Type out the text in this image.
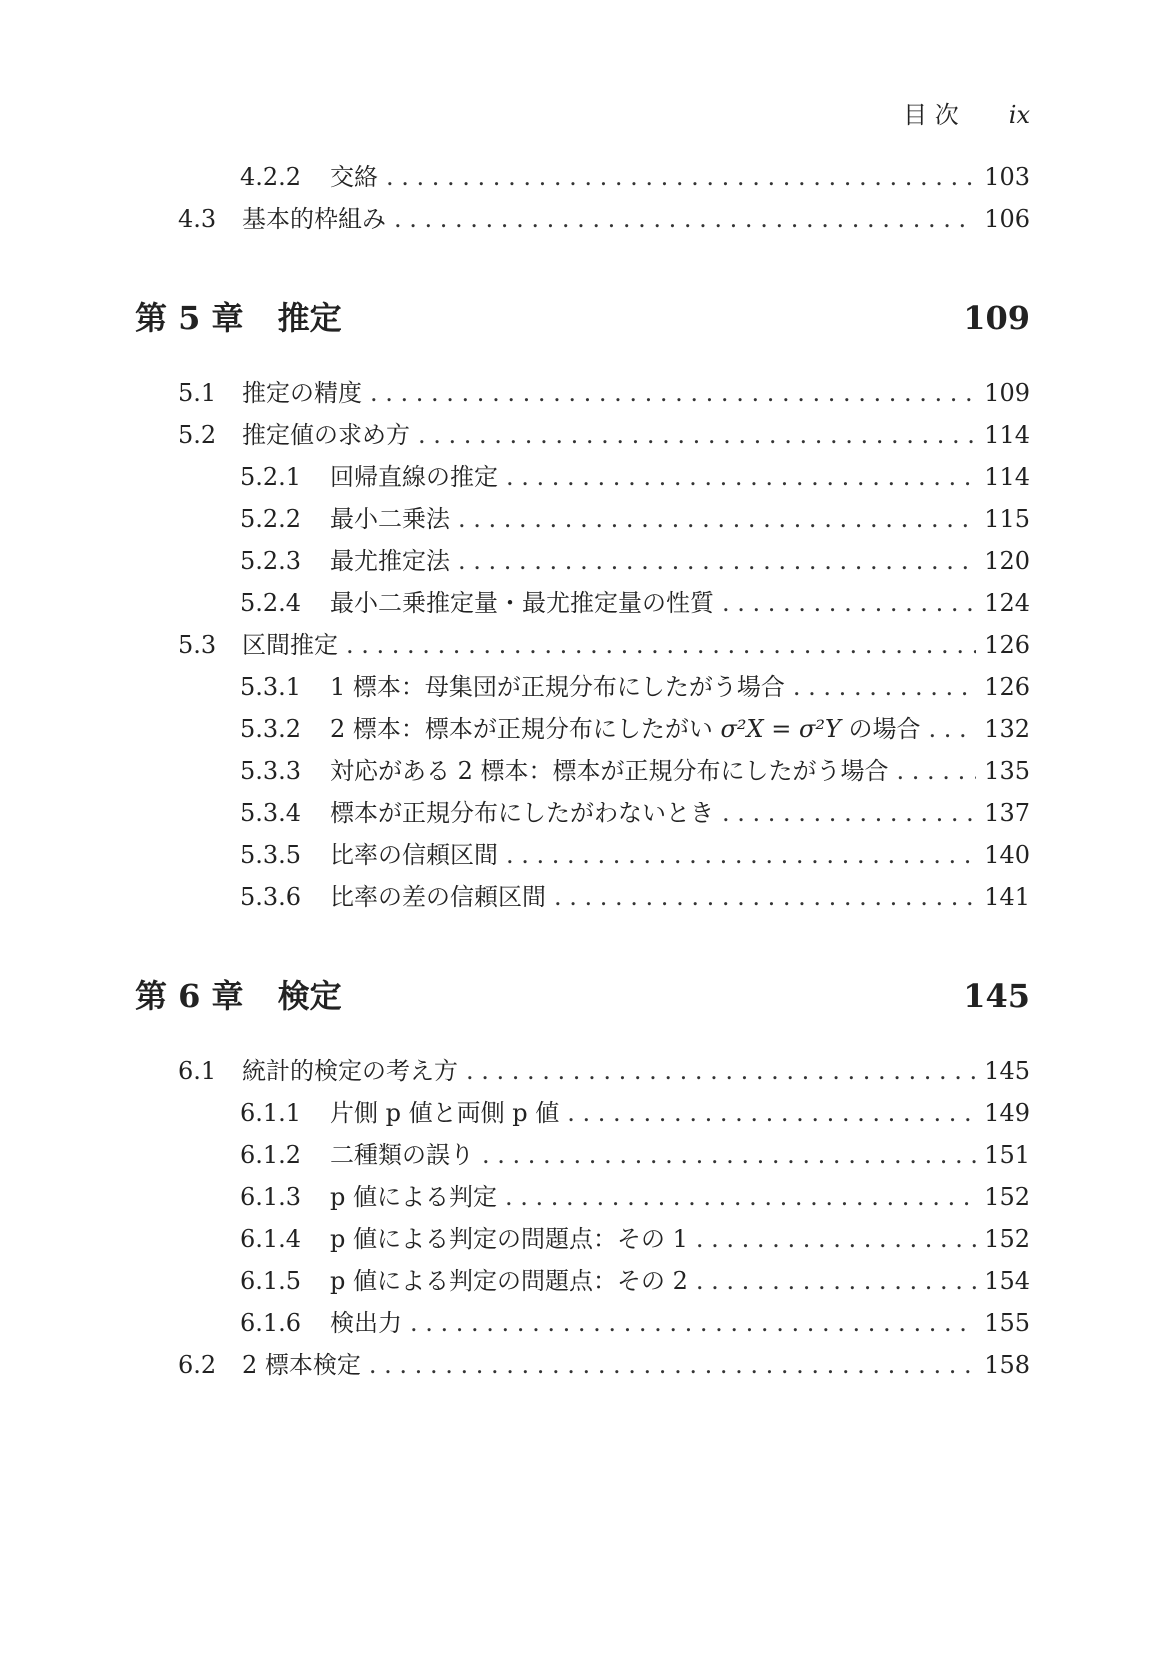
目 次 ix
4.2.2	交絡 . . .	103
4.3	基本的枠組み . . .	106
第 5 章 推定	109
5.1	推定の精度 . . .	109
5.2	推定値の求め方 . . .	114
5.2.1	回帰直線の推定 . . .	114
5.2.2	最小二乗法 . . .	115
5.2.3	最尤推定法 . . .	120
5.2.4	最小二乗推定量・最尤推定量の性質 . . .	124
5.3	区間推定 . . .	126
5.3.1	1 標本：母集団が正規分布にしたがう場合 . . .	126
5.3.2	2 標本：標本が正規分布にしたがい σ²X = σ²Y の場合 . . .	132
5.3.3	対応がある 2 標本：標本が正規分布にしたがう場合 . . .	135
5.3.4	標本が正規分布にしたがわないとき . . .	137
5.3.5	比率の信頼区間 . . .	140
5.3.6	比率の差の信頼区間 . . .	141
第 6 章 検定	145
6.1	統計的検定の考え方 . . .	145
6.1.1	片側 p 値と両側 p 値 . . .	149
6.1.2	二種類の誤り . . .	151
6.1.3	p 値による判定 . . .	152
6.1.4	p 値による判定の問題点：その 1 . . .	152
6.1.5	p 値による判定の問題点：その 2 . . .	154
6.1.6	検出力 . . .	155
6.2	2 標本検定 . . .	158
